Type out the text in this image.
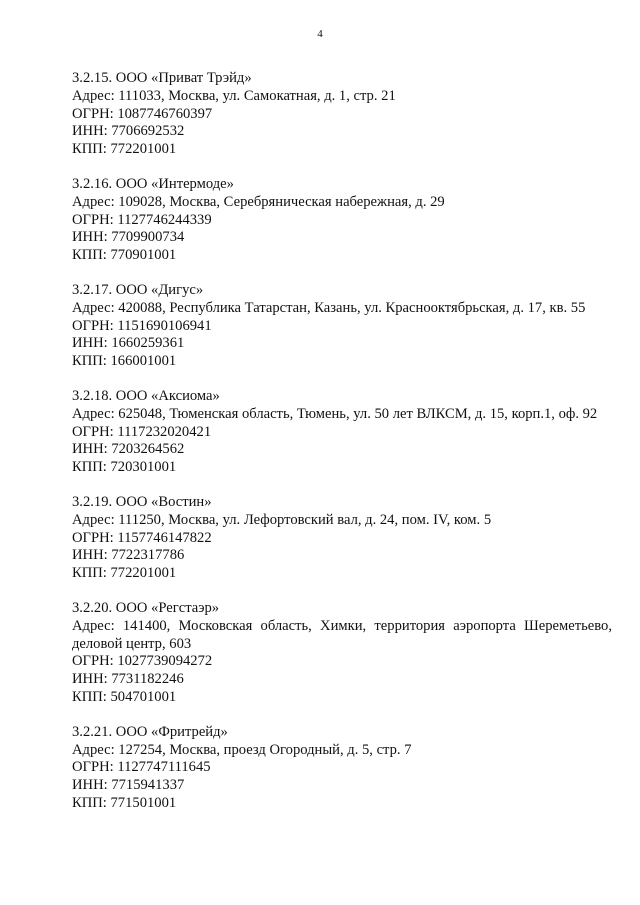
4
3.2.15. ООО «Приват Трэйд»
Адрес: 111033, Москва, ул. Самокатная, д. 1, стр. 21
ОГРН: 1087746760397
ИНН: 7706692532
КПП: 772201001
3.2.16. ООО «Интермоде»
Адрес: 109028, Москва, Серебряническая набережная, д. 29
ОГРН: 1127746244339
ИНН: 7709900734
КПП: 770901001
3.2.17. ООО «Дигус»
Адрес: 420088, Республика Татарстан, Казань, ул. Краснооктябрьская, д. 17, кв. 55
ОГРН: 1151690106941
ИНН: 1660259361
КПП: 166001001
3.2.18. ООО «Аксиома»
Адрес: 625048, Тюменская область, Тюмень, ул. 50 лет ВЛКСМ, д. 15, корп.1, оф. 92
ОГРН: 1117232020421
ИНН: 7203264562
КПП: 720301001
3.2.19. ООО «Востин»
Адрес: 111250, Москва, ул. Лефортовский вал, д. 24, пом. IV, ком. 5
ОГРН: 1157746147822
ИНН: 7722317786
КПП: 772201001
3.2.20. ООО «Регстаэр»
Адрес: 141400, Московская область, Химки, территория аэропорта Шереметьево, деловой центр, 603
ОГРН: 1027739094272
ИНН: 7731182246
КПП: 504701001
3.2.21. ООО «Фритрейд»
Адрес: 127254, Москва, проезд Огородный, д. 5, стр. 7
ОГРН: 1127747111645
ИНН: 7715941337
КПП: 771501001
